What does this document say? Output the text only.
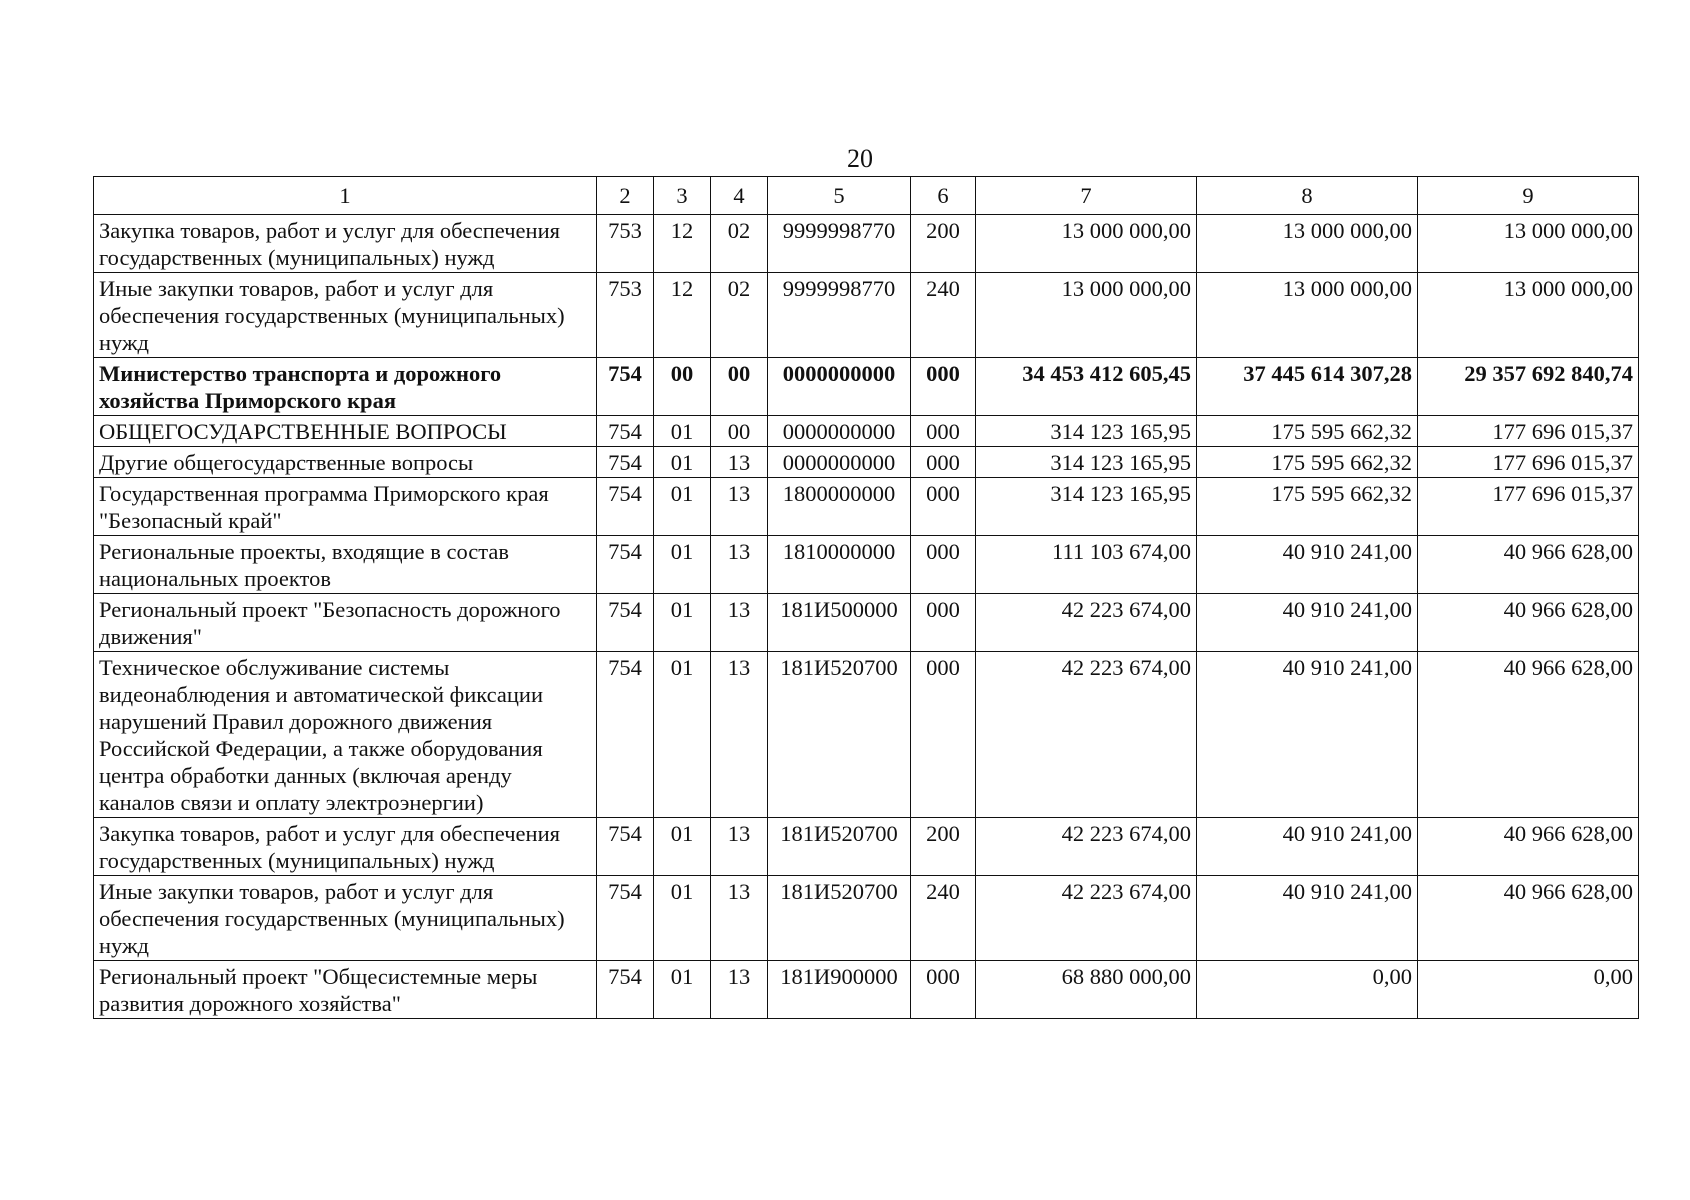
20
1	2	3	4	5	6	7	8	9
Закупка товаров, работ и услуг для обеспечения государственных (муниципальных) нужд	753	12	02	9999998770	200	13 000 000,00	13 000 000,00	13 000 000,00
Иные закупки товаров, работ и услуг для обеспечения государственных (муниципальных) нужд	753	12	02	9999998770	240	13 000 000,00	13 000 000,00	13 000 000,00
Министерство транспорта и дорожного хозяйства Приморского края	754	00	00	0000000000	000	34 453 412 605,45	37 445 614 307,28	29 357 692 840,74
ОБЩЕГОСУДАРСТВЕННЫЕ ВОПРОСЫ	754	01	00	0000000000	000	314 123 165,95	175 595 662,32	177 696 015,37
Другие общегосударственные вопросы	754	01	13	0000000000	000	314 123 165,95	175 595 662,32	177 696 015,37
Государственная программа Приморского края "Безопасный край"	754	01	13	1800000000	000	314 123 165,95	175 595 662,32	177 696 015,37
Региональные проекты, входящие в состав национальных проектов	754	01	13	1810000000	000	111 103 674,00	40 910 241,00	40 966 628,00
Региональный проект "Безопасность дорожного движения"	754	01	13	181И500000	000	42 223 674,00	40 910 241,00	40 966 628,00
Техническое обслуживание системы видеонаблюдения и автоматической фиксации нарушений Правил дорожного движения Российской Федерации, а также оборудования центра обработки данных (включая аренду каналов связи и оплату электроэнергии)	754	01	13	181И520700	000	42 223 674,00	40 910 241,00	40 966 628,00
Закупка товаров, работ и услуг для обеспечения государственных (муниципальных) нужд	754	01	13	181И520700	200	42 223 674,00	40 910 241,00	40 966 628,00
Иные закупки товаров, работ и услуг для обеспечения государственных (муниципальных) нужд	754	01	13	181И520700	240	42 223 674,00	40 910 241,00	40 966 628,00
Региональный проект "Общесистемные меры развития дорожного хозяйства"	754	01	13	181И900000	000	68 880 000,00	0,00	0,00
